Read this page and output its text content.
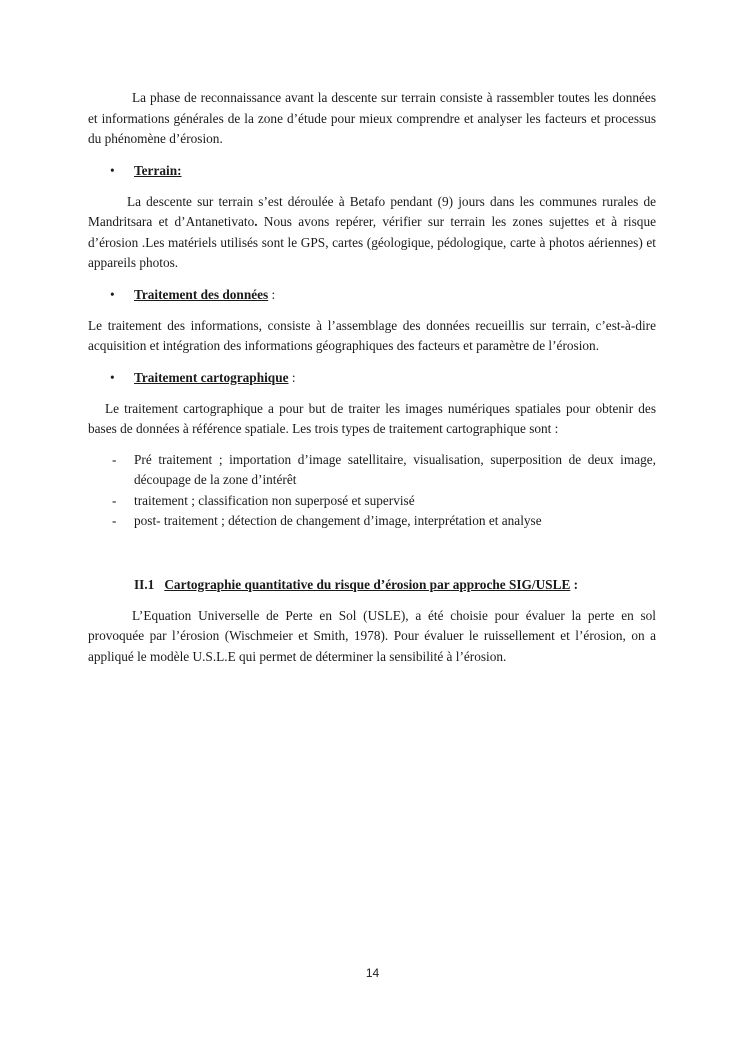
La phase de reconnaissance avant la descente sur terrain consiste à rassembler toutes les données et informations générales de la zone d’étude pour mieux comprendre et analyser les facteurs et processus du phénomène d’érosion.

• Terrain:

La descente sur terrain s’est déroulée à Betafo pendant (9) jours dans les communes rurales de Mandritsara et d’Antanetivato. Nous avons repérer, vérifier sur terrain les zones sujettes et à risque d’érosion .Les matériels utilisés sont le GPS, cartes (géologique, pédologique, carte à photos aériennes) et appareils photos.

• Traitement des données :

Le traitement des informations, consiste à l’assemblage des données recueillis sur terrain, c’est-à-dire acquisition et intégration des informations géographiques des facteurs et paramètre de l’érosion.

• Traitement cartographique :

Le traitement cartographique a pour but de traiter les images numériques spatiales pour obtenir des bases de données à référence spatiale. Les trois types de traitement cartographique sont :

- Pré traitement ; importation d’image satellitaire, visualisation, superposition de deux image, découpage de la zone d’intérêt
- traitement ; classification non superposé et supervisé
- post- traitement ; détection de changement d’image, interprétation et analyse
II.1 Cartographie quantitative du risque d’érosion par approche SIG/USLE :

L’Equation Universelle de Perte en Sol (USLE), a été choisie pour évaluer la perte en sol provoquée par l’érosion (Wischmeier et Smith, 1978). Pour évaluer le ruissellement et l’érosion, on a appliqué le modèle U.S.L.E qui permet de déterminer la sensibilité à l’érosion.

14
